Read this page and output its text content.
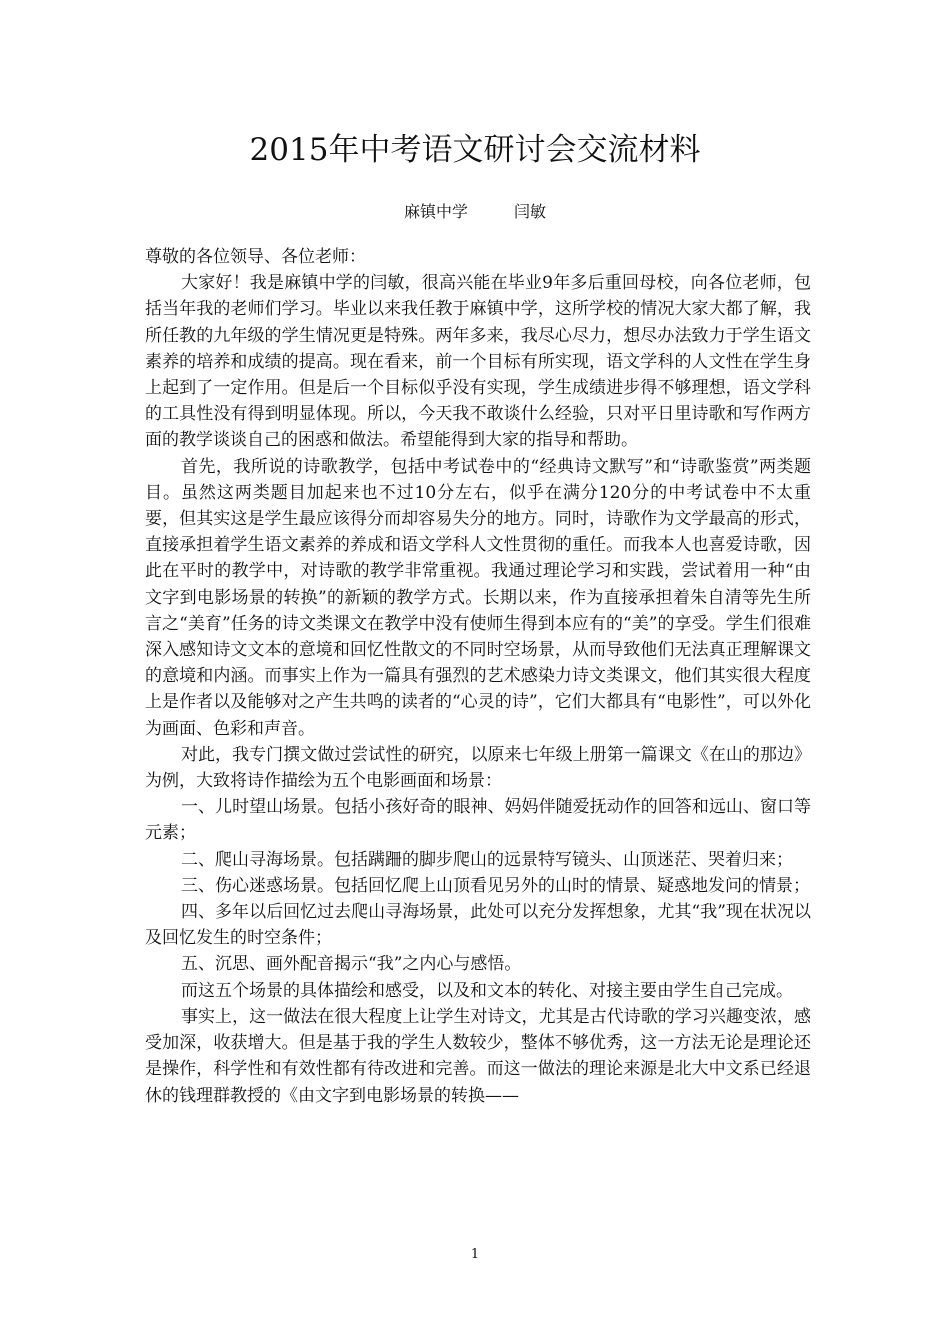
2015年中考语文研讨会交流材料

麻镇中学	闫敏

尊敬的各位领导、各位老师：

大家好！我是麻镇中学的闫敏，很高兴能在毕业9年多后重回母校，向各位老师，包括当年我的老师们学习。毕业以来我任教于麻镇中学，这所学校的情况大家大都了解，我所任教的九年级的学生情况更是特殊。两年多来，我尽心尽力，想尽办法致力于学生语文素养的培养和成绩的提高。现在看来，前一个目标有所实现，语文学科的人文性在学生身上起到了一定作用。但是后一个目标似乎没有实现，学生成绩进步得不够理想，语文学科的工具性没有得到明显体现。所以，今天我不敢谈什么经验，只对平日里诗歌和写作两方面的教学谈谈自己的困惑和做法。希望能得到大家的指导和帮助。

首先，我所说的诗歌教学，包括中考试卷中的“经典诗文默写”和“诗歌鉴赏”两类题目。虽然这两类题目加起来也不过10分左右，似乎在满分120分的中考试卷中不太重要，但其实这是学生最应该得分而却容易失分的地方。同时，诗歌作为文学最高的形式，直接承担着学生语文素养的养成和语文学科人文性贯彻的重任。而我本人也喜爱诗歌，因此在平时的教学中，对诗歌的教学非常重视。我通过理论学习和实践，尝试着用一种“由文字到电影场景的转换”的新颖的教学方式。长期以来，作为直接承担着朱自清等先生所言之“美育”任务的诗文类课文在教学中没有使师生得到本应有的“美”的享受。学生们很难深入感知诗文文本的意境和回忆性散文的不同时空场景，从而导致他们无法真正理解课文的意境和内涵。而事实上作为一篇具有强烈的艺术感染力诗文类课文，他们其实很大程度上是作者以及能够对之产生共鸣的读者的“心灵的诗”，它们大都具有“电影性”，可以外化为画面、色彩和声音。

对此，我专门撰文做过尝试性的研究，以原来七年级上册第一篇课文《在山的那边》为例，大致将诗作描绘为五个电影画面和场景：

一、儿时望山场景。包括小孩好奇的眼神、妈妈伴随爱抚动作的回答和远山、窗口等元素；

二、爬山寻海场景。包括蹒跚的脚步爬山的远景特写镜头、山顶迷茫、哭着归来；

三、伤心迷惑场景。包括回忆爬上山顶看见另外的山时的情景、疑惑地发问的情景；

四、多年以后回忆过去爬山寻海场景，此处可以充分发挥想象，尤其“我”现在状况以及回忆发生的时空条件；

五、沉思、画外配音揭示“我”之内心与感悟。

而这五个场景的具体描绘和感受，以及和文本的转化、对接主要由学生自己完成。

事实上，这一做法在很大程度上让学生对诗文，尤其是古代诗歌的学习兴趣变浓，感受加深，收获增大。但是基于我的学生人数较少，整体不够优秀，这一方法无论是理论还是操作，科学性和有效性都有待改进和完善。而这一做法的理论来源是北大中文系已经退休的钱理群教授的《由文字到电影场景的转换——

1
